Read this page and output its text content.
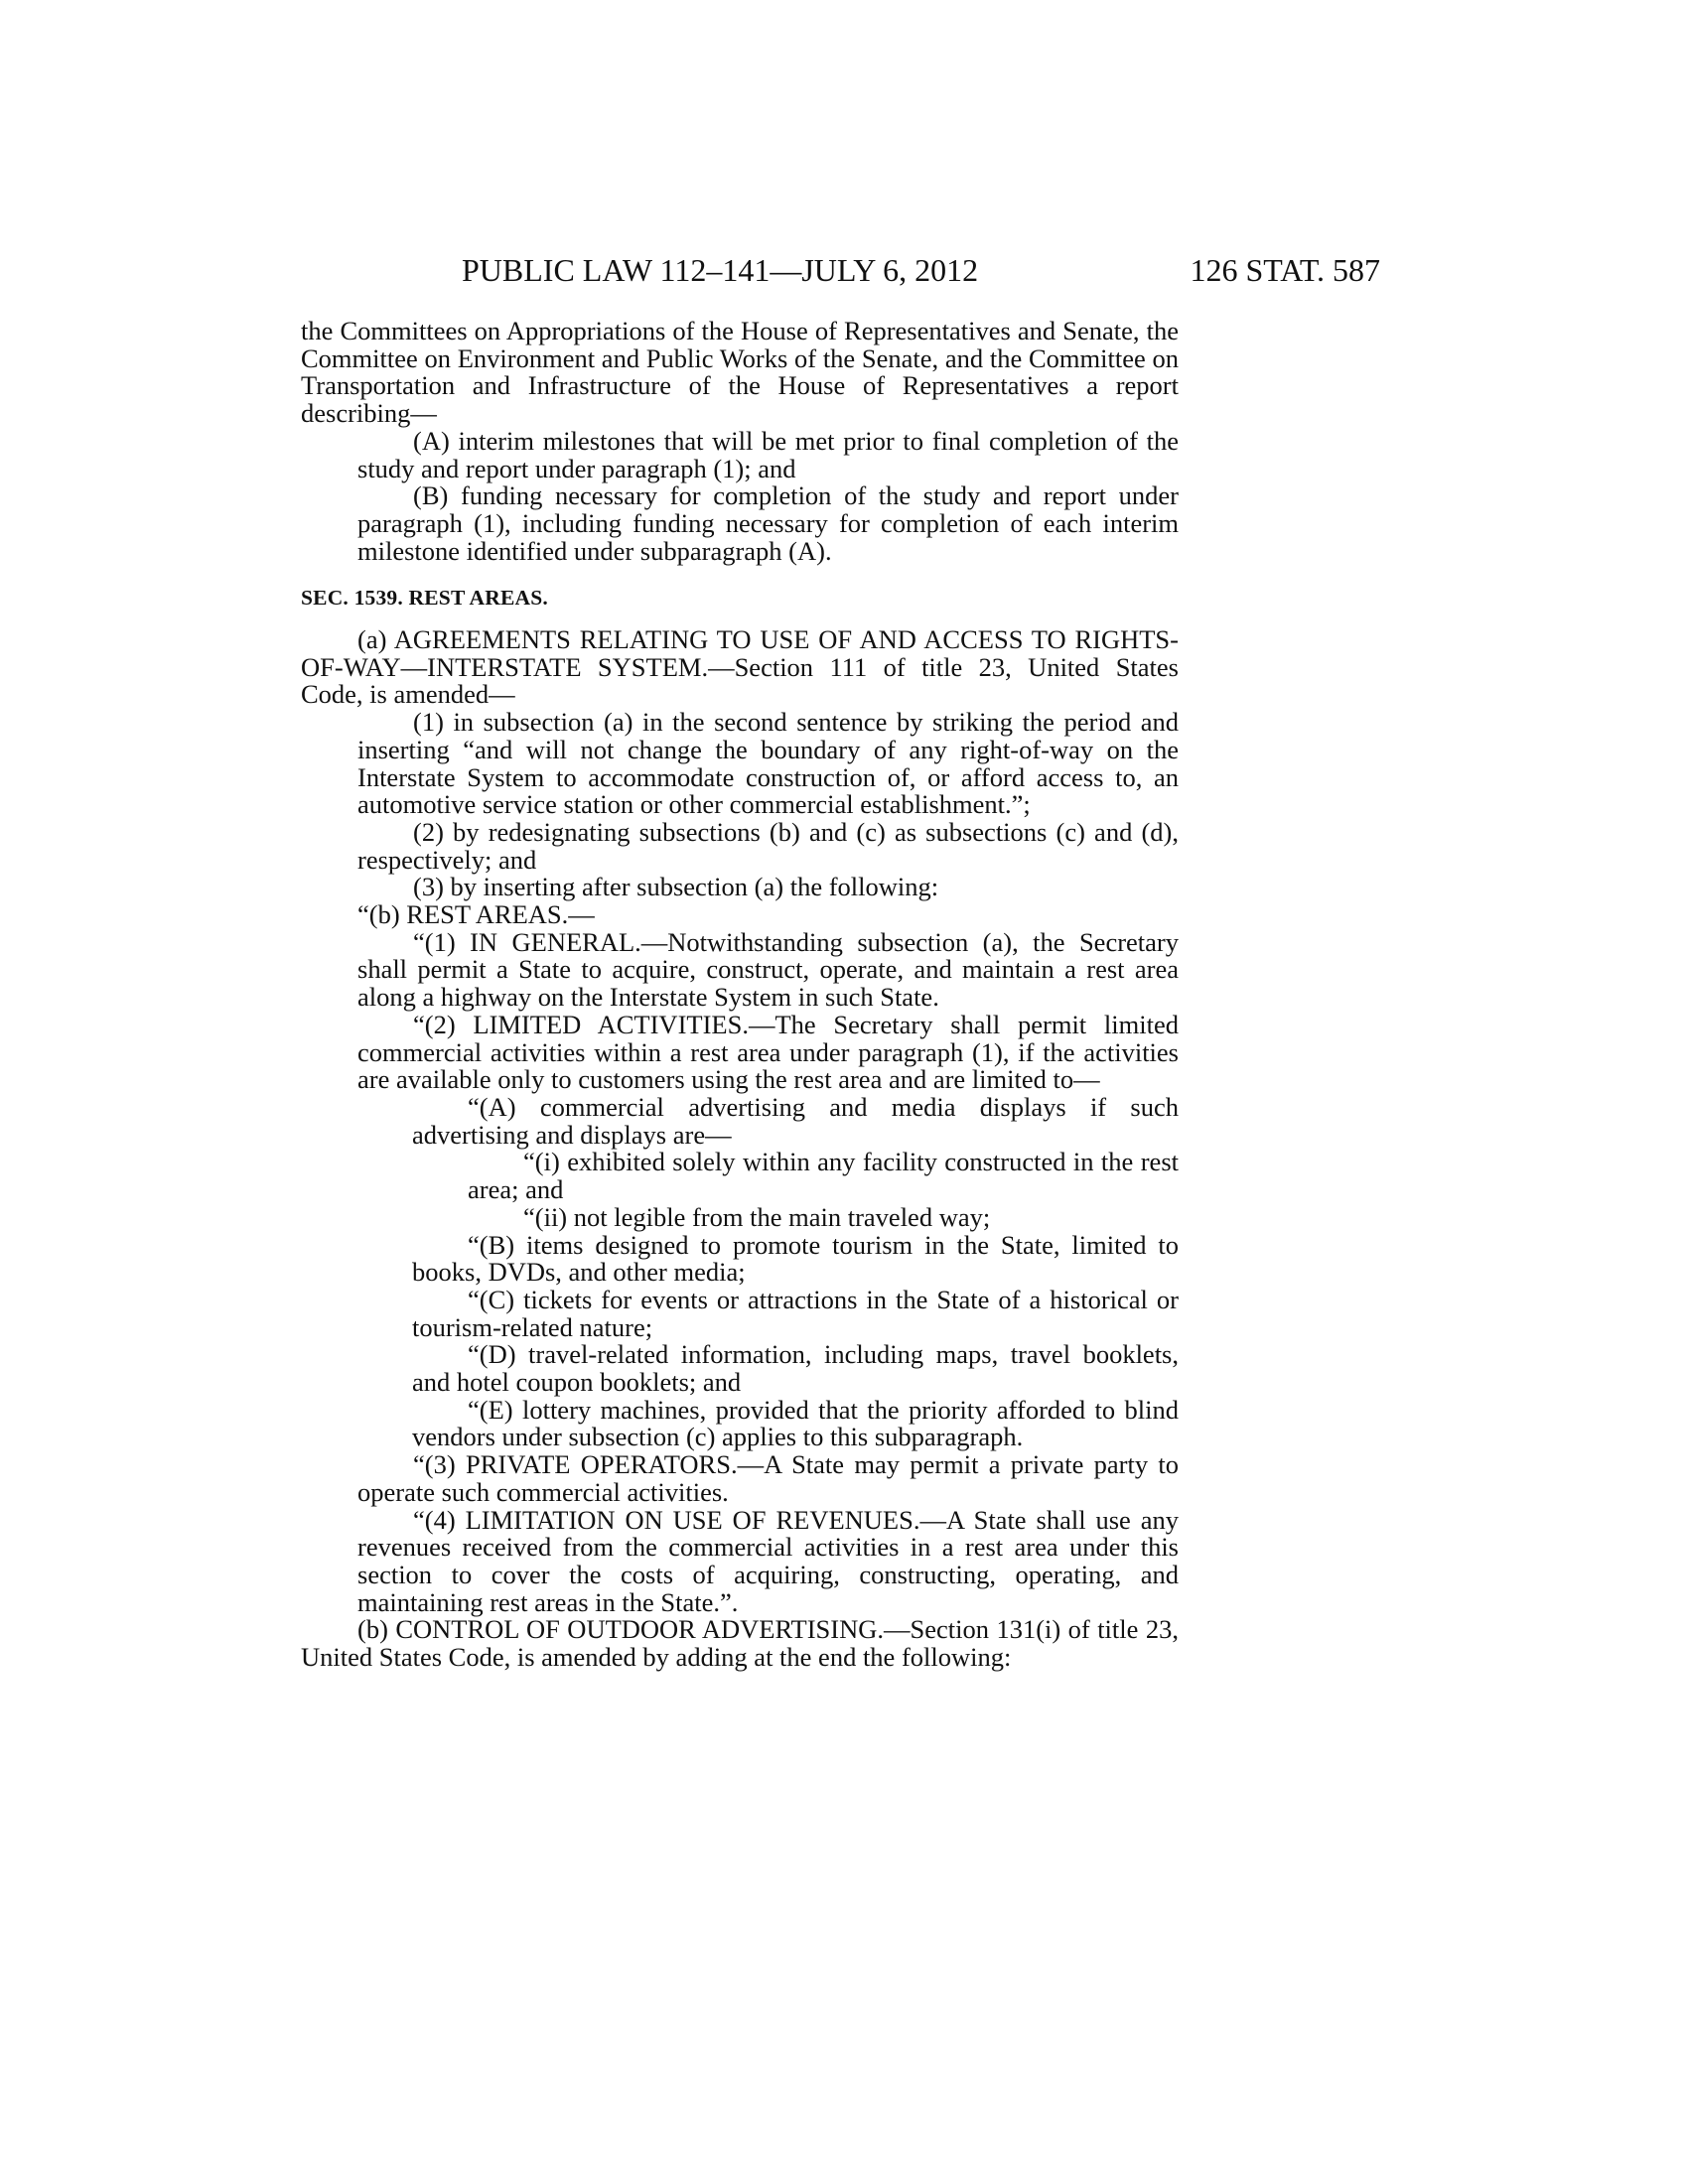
PUBLIC LAW 112–141—JULY 6, 2012	126 STAT. 587

the Committees on Appropriations of the House of Representatives and Senate, the Committee on Environment and Public Works of the Senate, and the Committee on Transportation and Infrastructure of the House of Representatives a report describing—

(A) interim milestones that will be met prior to final completion of the study and report under paragraph (1); and

(B) funding necessary for completion of the study and report under paragraph (1), including funding necessary for completion of each interim milestone identified under subparagraph (A).

SEC. 1539. REST AREAS.

(a) AGREEMENTS RELATING TO USE OF AND ACCESS TO RIGHTS-OF-WAY—INTERSTATE SYSTEM.—Section 111 of title 23, United States Code, is amended—

(1) in subsection (a) in the second sentence by striking the period and inserting “and will not change the boundary of any right-of-way on the Interstate System to accommodate construction of, or afford access to, an automotive service station or other commercial establishment.”;

(2) by redesignating subsections (b) and (c) as subsections (c) and (d), respectively; and

(3) by inserting after subsection (a) the following:

“(b) REST AREAS.—

“(1) IN GENERAL.—Notwithstanding subsection (a), the Secretary shall permit a State to acquire, construct, operate, and maintain a rest area along a highway on the Interstate System in such State.

“(2) LIMITED ACTIVITIES.—The Secretary shall permit limited commercial activities within a rest area under paragraph (1), if the activities are available only to customers using the rest area and are limited to—

“(A) commercial advertising and media displays if such advertising and displays are—

“(i) exhibited solely within any facility constructed in the rest area; and

“(ii) not legible from the main traveled way;

“(B) items designed to promote tourism in the State, limited to books, DVDs, and other media;

“(C) tickets for events or attractions in the State of a historical or tourism-related nature;

“(D) travel-related information, including maps, travel booklets, and hotel coupon booklets; and

“(E) lottery machines, provided that the priority afforded to blind vendors under subsection (c) applies to this subparagraph.

“(3) PRIVATE OPERATORS.—A State may permit a private party to operate such commercial activities.

“(4) LIMITATION ON USE OF REVENUES.—A State shall use any revenues received from the commercial activities in a rest area under this section to cover the costs of acquiring, constructing, operating, and maintaining rest areas in the State.”.

(b) CONTROL OF OUTDOOR ADVERTISING.—Section 131(i) of title 23, United States Code, is amended by adding at the end the following:
